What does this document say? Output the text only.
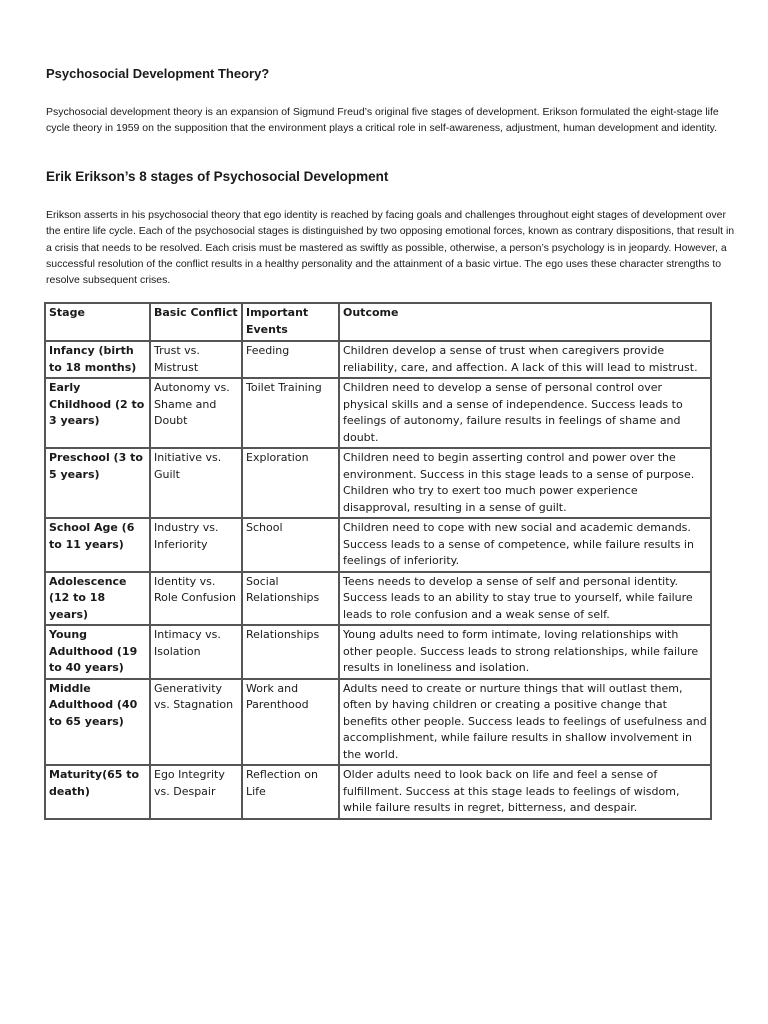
Psychosocial Development Theory?
Psychosocial development theory is an expansion of Sigmund Freud’s original five stages of development. Erikson formulated the eight-stage life cycle theory in 1959 on the supposition that the environment plays a critical role in self-awareness, adjustment, human development and identity.
Erik Erikson’s 8 stages of Psychosocial Development
Erikson asserts in his psychosocial theory that ego identity is reached by facing goals and challenges throughout eight stages of development over the entire life cycle. Each of the psychosocial stages is distinguished by two opposing emotional forces, known as contrary dispositions, that result in a crisis that needs to be resolved. Each crisis must be mastered as swiftly as possible, otherwise, a person’s psychology is in jeopardy. However, a successful resolution of the conflict results in a healthy personality and the attainment of a basic virtue. The ego uses these character strengths to resolve subsequent crises.
Stage	Basic Conflict	Important Events	Outcome
Infancy (birth to 18 months)	Trust vs. Mistrust	Feeding	Children develop a sense of trust when caregivers provide reliability, care, and affection. A lack of this will lead to mistrust.
Early Childhood (2 to 3 years)	Autonomy vs. Shame and Doubt	Toilet Training	Children need to develop a sense of personal control over physical skills and a sense of independence. Success leads to feelings of autonomy, failure results in feelings of shame and doubt.
Preschool (3 to 5 years)	Initiative vs. Guilt	Exploration	Children need to begin asserting control and power over the environment. Success in this stage leads to a sense of purpose. Children who try to exert too much power experience disapproval, resulting in a sense of guilt.
School Age (6 to 11 years)	Industry vs. Inferiority	School	Children need to cope with new social and academic demands. Success leads to a sense of competence, while failure results in feelings of inferiority.
Adolescence (12 to 18 years)	Identity vs. Role Confusion	Social Relationships	Teens needs to develop a sense of self and personal identity. Success leads to an ability to stay true to yourself, while failure leads to role confusion and a weak sense of self.
Young Adulthood (19 to 40 years)	Intimacy vs. Isolation	Relationships	Young adults need to form intimate, loving relationships with other people. Success leads to strong relationships, while failure results in loneliness and isolation.
Middle Adulthood (40 to 65 years)	Generativity vs. Stagnation	Work and Parenthood	Adults need to create or nurture things that will outlast them, often by having children or creating a positive change that benefits other people. Success leads to feelings of usefulness and accomplishment, while failure results in shallow involvement in the world.
Maturity(65 to death)	Ego Integrity vs. Despair	Reflection on Life	Older adults need to look back on life and feel a sense of fulfillment. Success at this stage leads to feelings of wisdom, while failure results in regret, bitterness, and despair.
